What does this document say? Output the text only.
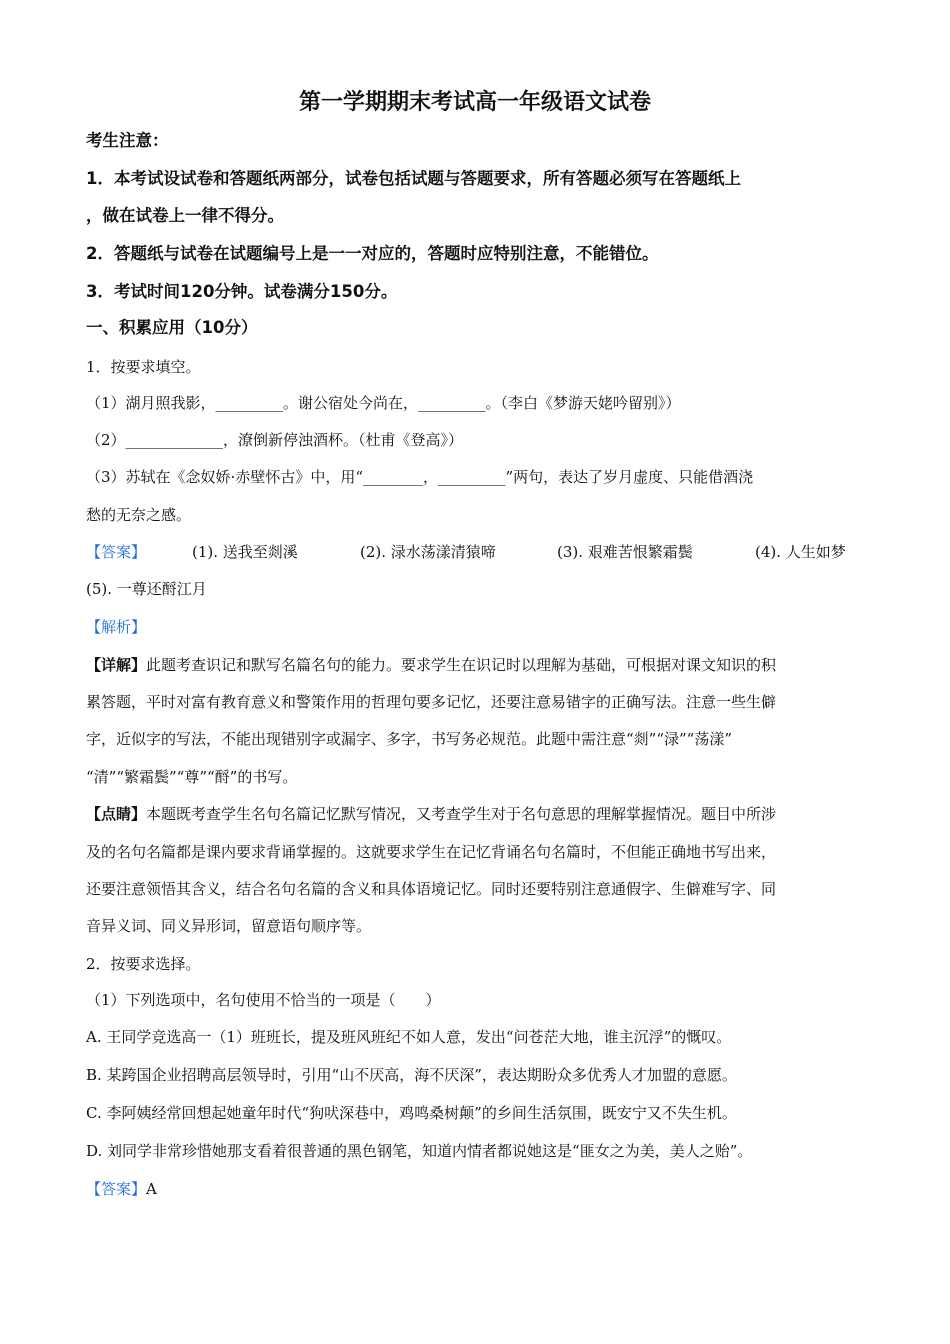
第一学期期末考试高一年级语文试卷
考生注意：
1．本考试设试卷和答题纸两部分，试卷包括试题与答题要求，所有答题必须写在答题纸上
，做在试卷上一律不得分。
2．答题纸与试卷在试题编号上是一一对应的，答题时应特别注意，不能错位。
3．考试时间120分钟。试卷满分150分。
一、积累应用（10分）
1．按要求填空。
（1）湖月照我影，_________。谢公宿处今尚在，_________。（李白《梦游天姥吟留别》）
（2）_____________，潦倒新停浊酒杯。（杜甫《登高》）
（3）苏轼在《念奴娇·赤壁怀古》中，用“________，_________”两句，表达了岁月虚度、只能借酒浇
愁的无奈之感。
【答案】	(1). 送我至剡溪	(2). 渌水荡漾清猿啼	(3). 艰难苦恨繁霜鬓	(4). 人生如梦
(5). 一尊还酹江月
【解析】
【详解】此题考查识记和默写名篇名句的能力。要求学生在识记时以理解为基础，可根据对课文知识的积
累答题，平时对富有教育意义和警策作用的哲理句要多记忆，还要注意易错字的正确写法。注意一些生僻
字，近似字的写法，不能出现错别字或漏字、多字，书写务必规范。此题中需注意“剡”“渌”“荡漾”
“清”“繁霜鬓”“尊”“酹”的书写。
【点睛】本题既考查学生名句名篇记忆默写情况，又考查学生对于名句意思的理解掌握情况。题目中所涉
及的名句名篇都是课内要求背诵掌握的。这就要求学生在记忆背诵名句名篇时，不但能正确地书写出来，
还要注意领悟其含义，结合名句名篇的含义和具体语境记忆。同时还要特别注意通假字、生僻难写字、同
音异义词、同义异形词，留意语句顺序等。
2．按要求选择。
（1）下列选项中，名句使用不恰当的一项是（　　）
A. 王同学竞选高一（1）班班长，提及班风班纪不如人意，发出“问苍茫大地，谁主沉浮”的慨叹。
B. 某跨国企业招聘高层领导时，引用“山不厌高，海不厌深”，表达期盼众多优秀人才加盟的意愿。
C. 李阿姨经常回想起她童年时代“狗吠深巷中，鸡鸣桑树颠”的乡间生活氛围，既安宁又不失生机。
D. 刘同学非常珍惜她那支看着很普通的黑色钢笔，知道内情者都说她这是“匪女之为美，美人之贻”。
【答案】A
